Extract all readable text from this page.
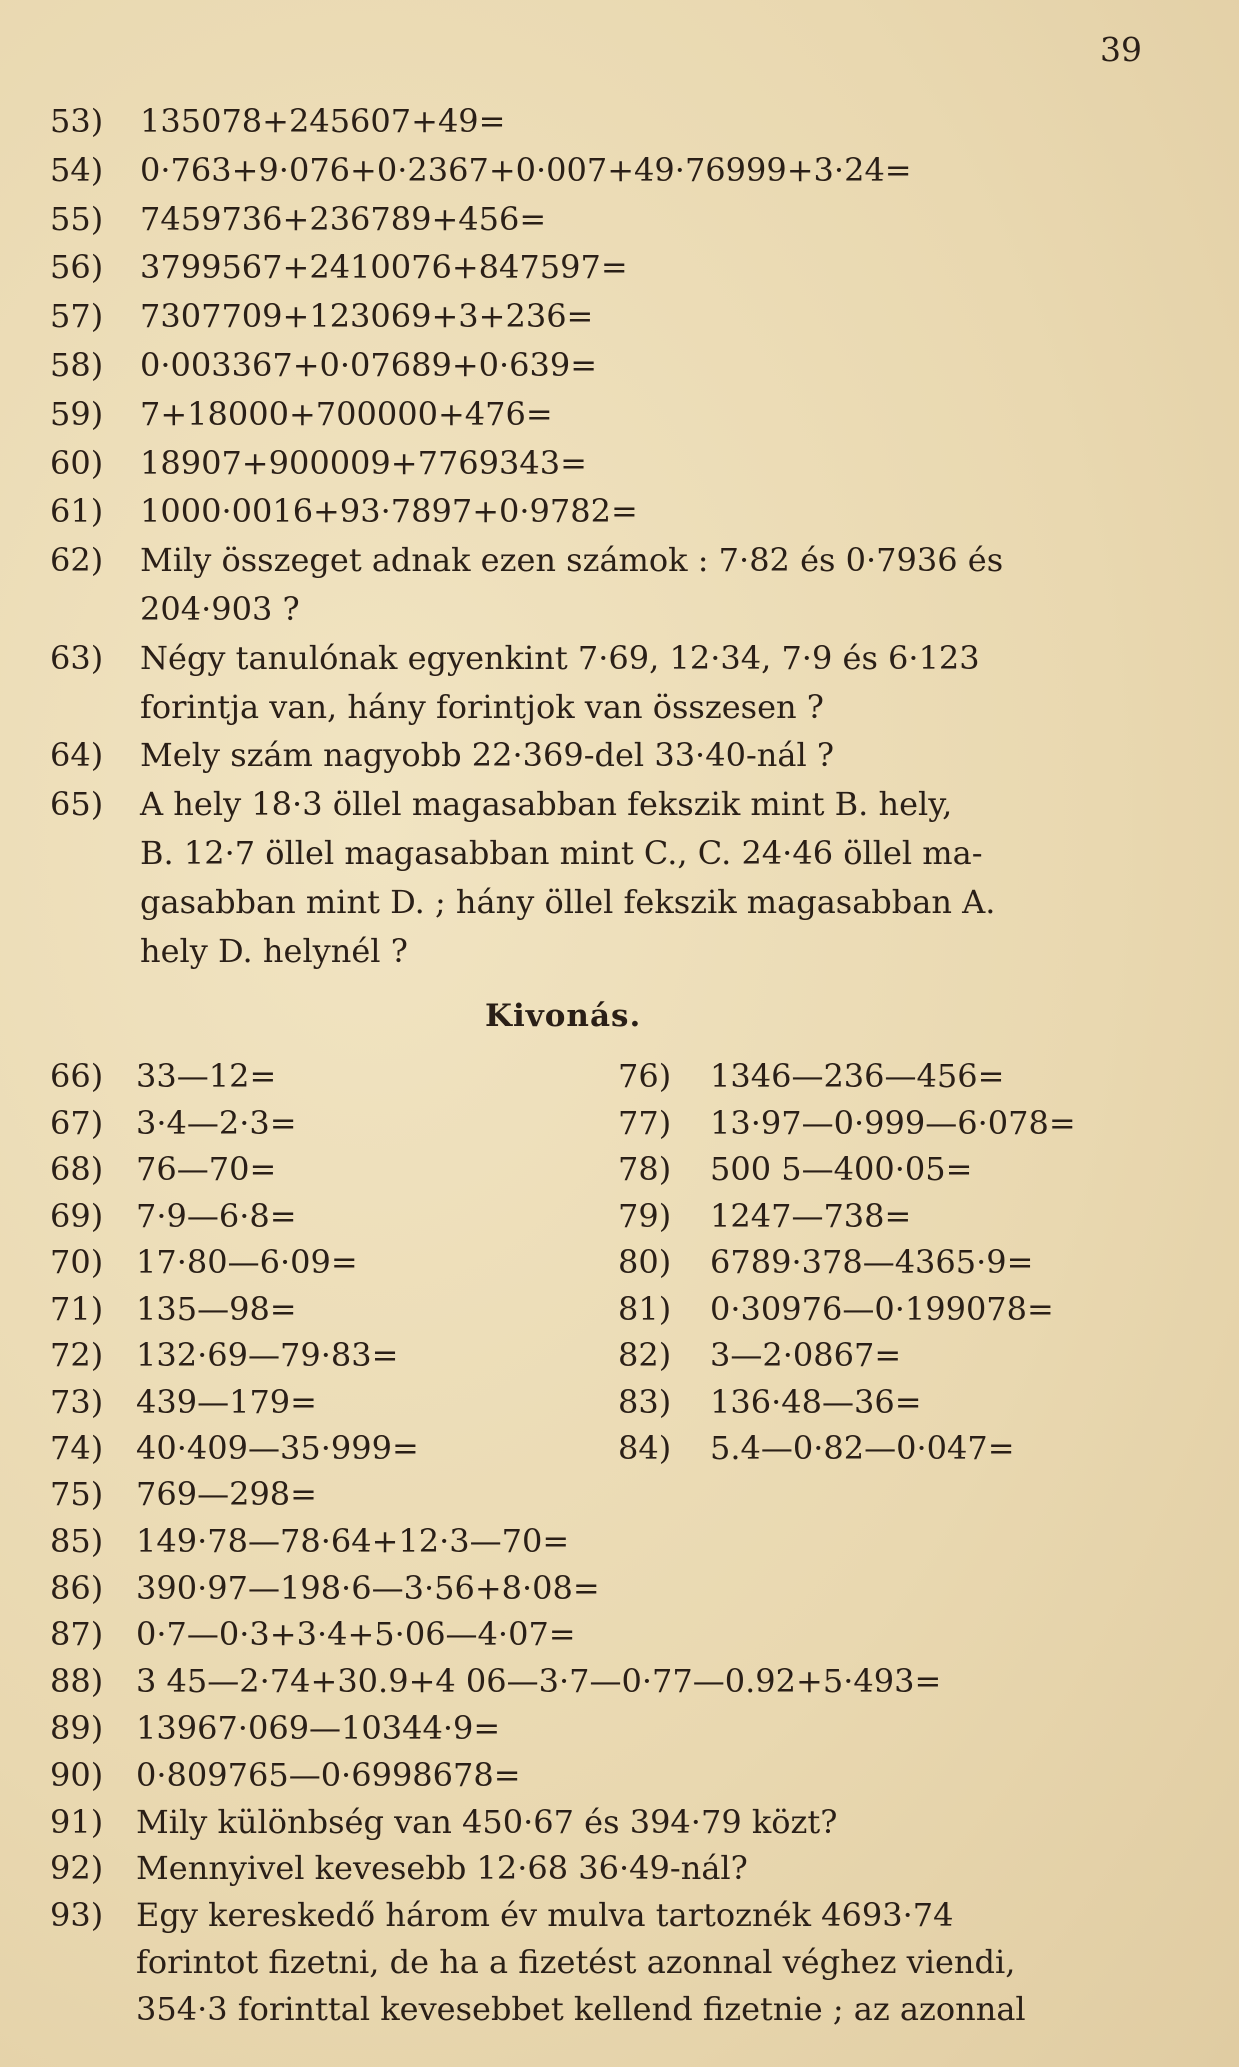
39
53) 135078+245607+49=
54) 0·763+9·076+0·2367+0·007+49·76999+3·24=
55) 7459736+236789+456=
56) 3799567+2410076+847597=
57) 7307709+123069+3+236=
58) 0·003367+0·07689+0·639=
59) 7+18000+700000+476=
60) 18907+900009+7769343=
61) 1000·0016+93·7897+0·9782=
62) Mily összeget adnak ezen számok : 7·82 és 0·7936 és
204·903 ?
63) Négy tanulónak egyenkint 7·69, 12·34, 7·9 és 6·123
forintja van, hány forintjok van összesen ?
64) Mely szám nagyobb 22·369-del 33·40-nál ?
65) A hely 18·3 öllel magasabban fekszik mint B. hely,
B. 12·7 öllel magasabban mint C., C. 24·46 öllel ma-
gasabban mint D. ; hány öllel fekszik magasabban A.
hely D. helynél ?
Kivonás.
66) 33—12=
67) 3·4—2·3=
68) 76—70=
69) 7·9—6·8=
70) 17·80—6·09=
71) 135—98=
72) 132·69—79·83=
73) 439—179=
74) 40·409—35·999=
76) 1346—236—456=
77) 13·97—0·999—6·078=
78) 500 5—400·05=
79) 1247—738=
80) 6789·378—4365·9=
81) 0·30976—0·199078=
82) 3—2·0867=
83) 136·48—36=
84) 5.4—0·82—0·047=
75) 769—298=
85) 149·78—78·64+12·3—70=
86) 390·97—198·6—3·56+8·08=
87) 0·7—0·3+3·4+5·06—4·07=
88) 3 45—2·74+30.9+4 06—3·7—0·77—0.92+5·493=
89) 13967·069—10344·9=
90) 0·809765—0·6998678=
91) Mily különbség van 450·67 és 394·79 közt?
92) Mennyivel kevesebb 12·68 36·49-nál?
93) Egy kereskedő három év mulva tartoznék 4693·74
forintot fizetni, de ha a fizetést azonnal véghez viendi,
354·3 forinttal kevesebbet kellend fizetnie ; az azonnal
